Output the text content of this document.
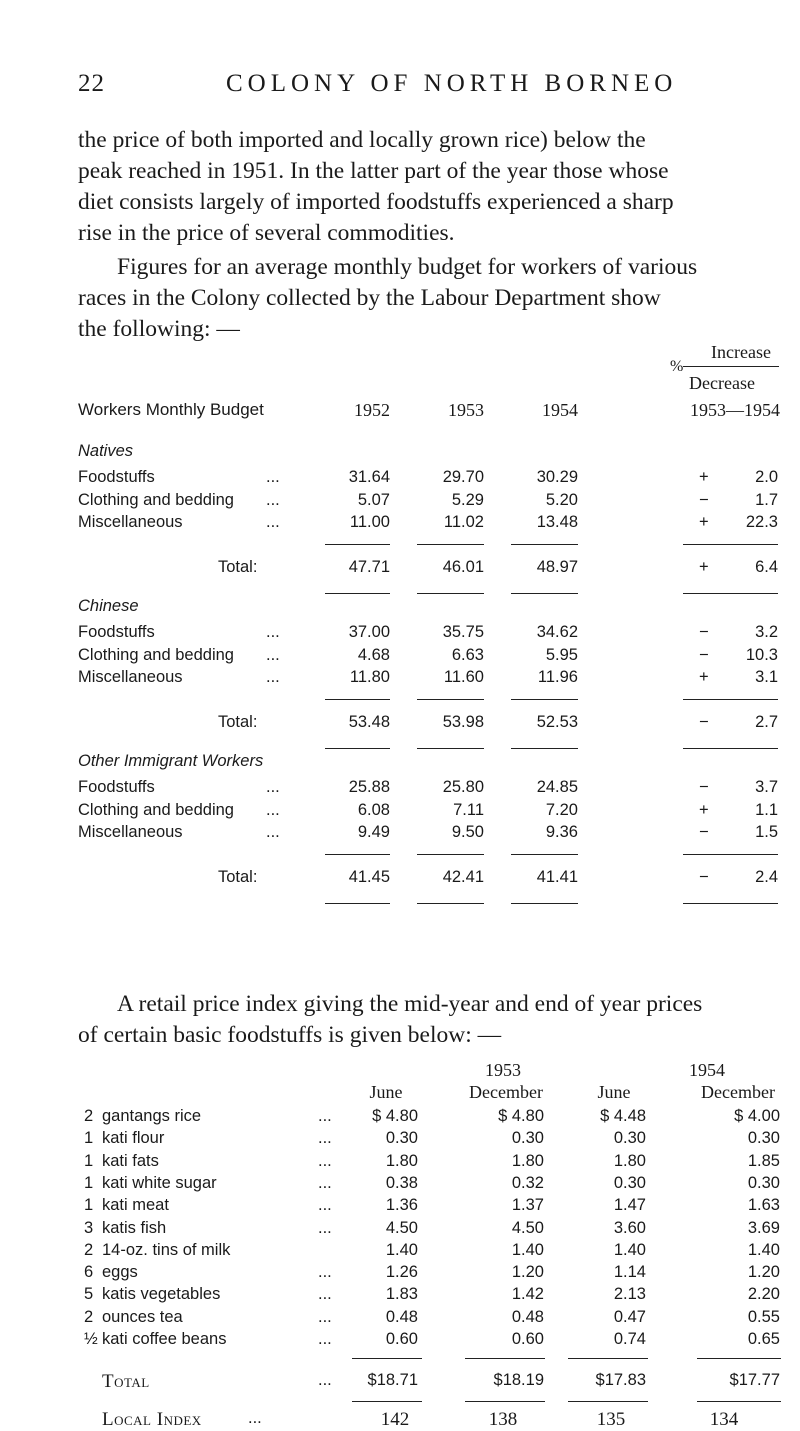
22	COLONY OF NORTH BORNEO

the price of both imported and locally grown rice) below the

peak reached in 1951. In the latter part of the year those whose

diet consists largely of imported foodstuffs experienced a sharp

rise in the price of several commodities.

Figures for an average monthly budget for workers of various

races in the Colony collected by the Labour Department show

the following: —

Increase
%
Decrease
Workers Monthly Budget	1952	1953	1954	1953—1954
Natives
Foodstuffs	...	31.64	29.70	30.29	+	2.0
Clothing and bedding ...	5.07	5.29	5.20	−	1.7
Miscellaneous	...	11.00	11.02	13.48	+	22.3
Total:	47.71	46.01	48.97	+	6.4
Chinese
Foodstuffs	...	37.00	35.75	34.62	−	3.2
Clothing and bedding ...	4.68	6.63	5.95	−	10.3
Miscellaneous	...	11.80	11.60	11.96	+	3.1
Total:	53.48	53.98	52.53	−	2.7
Other Immigrant Workers
Foodstuffs	...	25.88	25.80	24.85	−	3.7
Clothing and bedding ...	6.08	7.11	7.20	+	1.1
Miscellaneous	...	9.49	9.50	9.36	−	1.5
Total:	41.45	42.41	41.41	−	2.4

A retail price index giving the mid-year and end of year prices

of certain basic foodstuffs is given below: —

1953	1954
June	December	June	December
2 gantangs rice	...	$ 4.80	$ 4.80	$ 4.48	$ 4.00
1 kati flour	...	0.30	0.30	0.30	0.30
1 kati fats	...	1.80	1.80	1.80	1.85
1 kati white sugar	...	0.38	0.32	0.30	0.30
1 kati meat	...	1.36	1.37	1.47	1.63
3 katis fish	...	4.50	4.50	3.60	3.69
2 14-oz. tins of milk	1.40	1.40	1.40	1.40
6 eggs	...	1.26	1.20	1.14	1.20
5 katis vegetables	...	1.83	1.42	2.13	2.20
2 ounces tea	...	0.48	0.48	0.47	0.55
½ kati coffee beans	...	0.60	0.60	0.74	0.65
Total	...	$18.71	$18.19	$17.83	$17.77
Local Index	...	142	138	135	134
